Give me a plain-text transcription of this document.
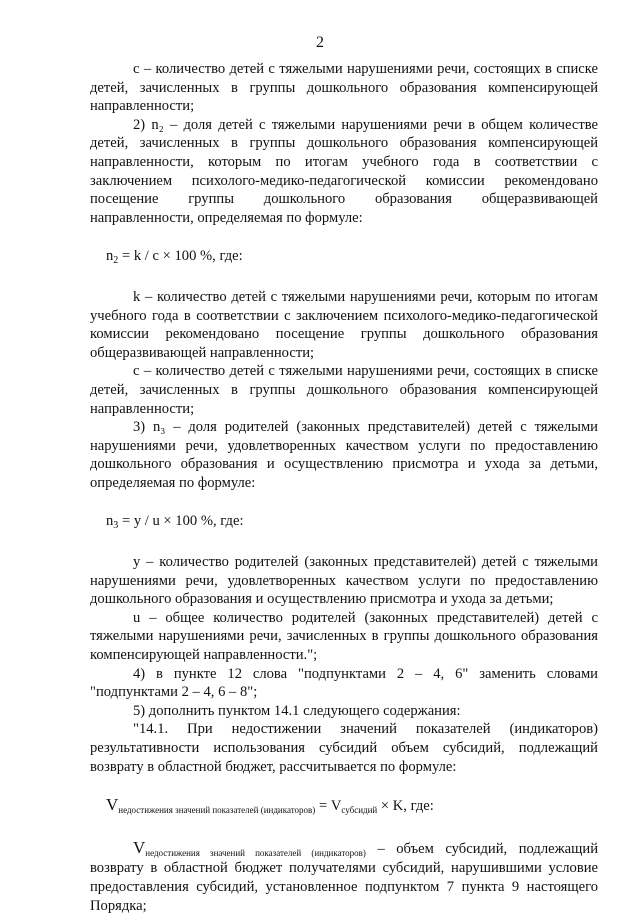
2

с – количество детей с тяжелыми нарушениями речи, состоящих в списке детей, зачисленных в группы дошкольного образования компенсирующей направленности;

2) n₂ – доля детей с тяжелыми нарушениями речи в общем количестве детей, зачисленных в группы дошкольного образования компенсирующей направленности, которым по итогам учебного года в соответствии с заключением психолого-медико-педагогической комиссии рекомендовано посещение группы дошкольного образования общеразвивающей направленности, определяемая по формуле:

$n_2 = k / c \times 100$ %, где:

k – количество детей с тяжелыми нарушениями речи, которым по итогам учебного года в соответствии с заключением психолого-медико-педагогической комиссии рекомендовано посещение группы дошкольного образования общеразвивающей направленности;

с – количество детей с тяжелыми нарушениями речи, состоящих в списке детей, зачисленных в группы дошкольного образования компенсирующей направленности;

3) n₃ – доля родителей (законных представителей) детей с тяжелыми нарушениями речи, удовлетворенных качеством услуги по предоставлению дошкольного образования и осуществлению присмотра и ухода за детьми, определяемая по формуле:

$n_3 = y / u \times 100$ %, где:

y – количество родителей (законных представителей) детей с тяжелыми нарушениями речи, удовлетворенных качеством услуги по предоставлению дошкольного образования и осуществлению присмотра и ухода за детьми;

u – общее количество родителей (законных представителей) детей с тяжелыми нарушениями речи, зачисленных в группы дошкольного образования компенсирующей направленности.";

4) в пункте 12 слова "подпунктами 2 – 4, 6" заменить словами "подпунктами 2 – 4, 6 – 8";

5) дополнить пунктом 14.1 следующего содержания:

"14.1. При недостижении значений показателей (индикаторов) результативности использования субсидий объем субсидий, подлежащий возврату в областной бюджет, рассчитывается по формуле:

$V_{недостижения значений показателей (индикаторов)} = V_{субсидий} \times K$, где:

$V_{недостижения значений показателей (индикаторов)}$ – объем субсидий, подлежащий возврату в областной бюджет получателями субсидий, нарушившими условие предоставления субсидий, установленное подпунктом 7 пункта 9 настоящего Порядка;
